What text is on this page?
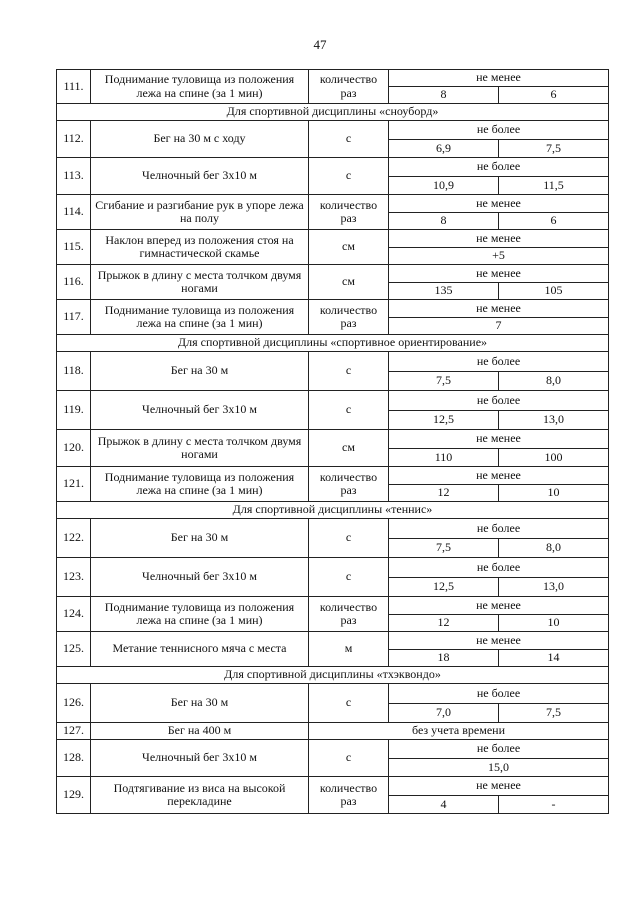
47
111.	Поднимание туловища из положения лежа на спине (за 1 мин)	количество раз	не менее	
			8	6
Для спортивной дисциплины «сноуборд»				
112.	Бег на 30 м с ходу	с	не более	
			6,9	7,5
113.	Челночный бег 3х10 м	с	не более	
			10,9	11,5
114.	Сгибание и разгибание рук в упоре лежа на полу	количество раз	не менее	
			8	6
115.	Наклон вперед из положения стоя на гимнастической скамье	см	не менее	
			+5	
116.	Прыжок в длину с места толчком двумя ногами	см	не менее	
			135	105
117.	Поднимание туловища из положения лежа на спине (за 1 мин)	количество раз	не менее	
			7	
Для спортивной дисциплины «спортивное ориентирование»				
118.	Бег на 30 м	с	не более	
			7,5	8,0
119.	Челночный бег 3х10 м	с	не более	
			12,5	13,0
120.	Прыжок в длину с места толчком двумя ногами	см	не менее	
			110	100
121.	Поднимание туловища из положения лежа на спине (за 1 мин)	количество раз	не менее	
			12	10
Для спортивной дисциплины «теннис»				
122.	Бег на 30 м	с	не более	
			7,5	8,0
123.	Челночный бег 3х10 м	с	не более	
			12,5	13,0
124.	Поднимание туловища из положения лежа на спине (за 1 мин)	количество раз	не менее	
			12	10
125.	Метание теннисного мяча с места	м	не менее	
			18	14
Для спортивной дисциплины «тхэквондо»				
126.	Бег на 30 м	с	не более	
			7,0	7,5
127.	Бег на 400 м	без учета времени		
128.	Челночный бег 3х10 м	с	не более	
			15,0	
129.	Подтягивание из виса на высокой перекладине	количество раз	не менее	
			4	-
